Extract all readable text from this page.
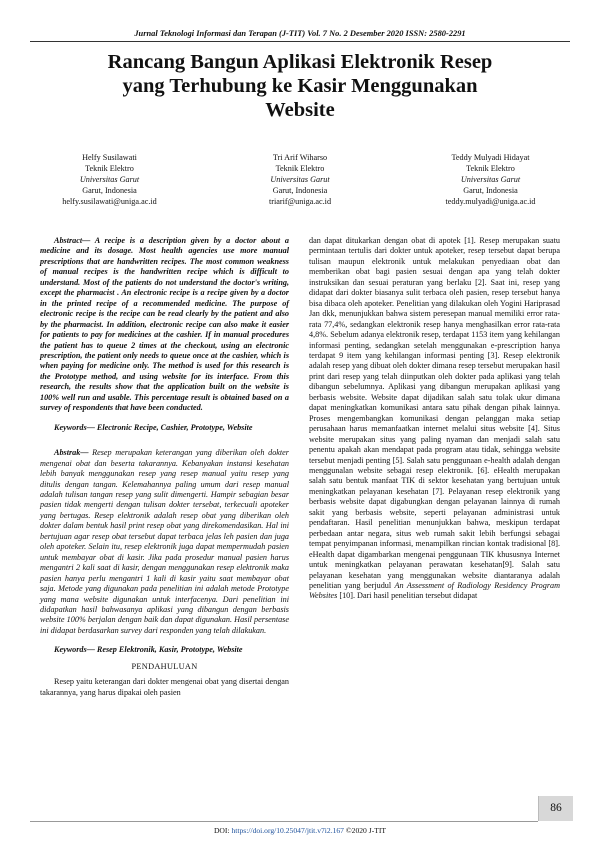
Jurnal Teknologi Informasi dan Terapan (J-TIT) Vol. 7 No. 2 Desember 2020 ISSN: 2580-2291
Rancang Bangun Aplikasi Elektronik Resep
yang Terhubung ke Kasir Menggunakan
Website
Helfy Susilawati
Teknik Elektro
Universitas Garut
Garut, Indonesia
helfy.susilawati@uniga.ac.id
Tri Arif Wiharso
Teknik Elektro
Universitas Garut
Garut, Indonesia
triarif@uniga.ac.id
Teddy Mulyadi Hidayat
Teknik Elektro
Universitas Garut
Garut, Indonesia
teddy.mulyadi@uniga.ac.id

Abstract— A recipe is a description given by a doctor about a medicine and its dosage. Most health agencies use more manual prescriptions that are handwritten recipes. The most common weakness of manual recipes is the handwritten recipe which is difficult to understand. Most of the patients do not understand the doctor's writing, except the pharmacist . An electronic recipe is a recipe given by a doctor in the printed recipe of a recommended medicine. The purpose of electronic recipe is the recipe can be read clearly by the patient and also by the pharmacist. In addition, electronic recipe can also make it easier for patients to pay for medicines at the cashier. If in manual procedures the patient has to queue 2 times at the checkout, using an electronic prescription, the patient only needs to queue once at the cashier, which is when paying for medicine only. The method is used for this research is the Prototype method, and using website for its interface. From this research, the results show that the application built on the website is 100% well run and usable. This percentage result is obtained based on a survey of respondents that have been conducted.

Keywords— Electronic Recipe, Cashier, Prototype, Website

Abstrak— Resep merupakan keterangan yang diberikan oleh dokter mengenai obat dan beserta takarannya. Kebanyakan instansi kesehatan lebih banyak menggunakan resep yang resep manual yaitu resep yang ditulis dengan tangan. Kelemahannya paling umum dari resep manual adalah tulisan tangan resep yang sulit dimengerti. Hampir sebagian besar pasien tidak mengerti dengan tulisan dokter tersebat, terkecuali apoteker yang bertugas. Resep elektronik adalah resep obat yang diberikan oleh dokter dalam bentuk hasil print resep obat yang direkomendasikan. Hal ini bertujuan agar resep obat tersebut dapat terbaca jelas leh pasien dan juga oleh apoteker. Selain itu, resep elektronik juga dapat mempermudah pasien untuk membayar obat di kasir. Jika pada prosedur manual pasien harus mengantri 2 kali saat di kasir, dengan menggunakan resep elektronik maka pasien hanya perlu mengantri 1 kali di kasir yaitu saat membayar obat saja. Metode yang digunakan pada penelitian ini adalah metode Prototype yang mana website digunakan untuk interfacenya. Dari penelitian ini didapatkan hasil bahwasanya aplikasi yang dibangun dengan berbasis website 100% berjalan dengan baik dan dapat digunakan. Hasil persentase ini didapat berdasarkan survey dari responden yang telah dilakukan.

Keywords— Resep Elektronik, Kasir, Prototype, Website

PENDAHULUAN

Resep yaitu keterangan dari dokter mengenai obat yang disertai dengan takarannya, yang harus dipakai oleh pasien

dan dapat ditukarkan dengan obat di apotek [1]. Resep merupakan suatu permintaan tertulis dari dokter untuk apoteker, resep tersebut dapat berupa tulisan maupun elektronik untuk melakukan penyediaan obat dan memberikan obat bagi pasien sesuai dengan apa yang telah dokter instruksikan dan sesuai peraturan yang berlaku [2]. Saat ini, resep yang didapat dari dokter biasanya sulit terbaca oleh pasien, resep tersebut hanya bisa dibaca oleh apoteker. Penelitian yang dilakukan oleh Yogini Hariprasad Jan dkk, menunjukkan bahwa sistem peresepan manual memiliki error rata-rata 77,4%, sedangkan elektronik resep hanya menghasilkan error rata-rata 4,8%. Sebelum adanya elektronik resep, terdapat 1153 item yang kehilangan informasi penting, sedangkan setelah menggunakan e-prescription hanya terdapat 9 item yang kehilangan informasi penting [3]. Resep elektronik adalah resep yang dibuat oleh dokter dimana resep tersebut merupakan hasil print dari resep yang telah diinputkan oleh dokter pada aplikasi yang telah dibangun sebelumnya. Aplikasi yang dibangun merupakan aplikasi yang berbasis website. Website dapat dijadikan salah satu tolak ukur dimana dapat meningkatkan komunikasi antara satu pihak dengan pihak lainnya. Proses mengembangkan komunikasi dengan pelanggan maka setiap perusahaan harus memanfaatkan internet melalui situs website [4]. Situs website merupakan situs yang paling nyaman dan menjadi salah satu penentu apakah akan mendapat pada program atau tidak, sehingga website tersebut menjadi penting [5]. Salah satu penggunaan e-health adalah dengan menggunalan website sebagai resep elektronik. [6]. eHealth merupakan salah satu bentuk manfaat TIK di sektor kesehatan yang bertujuan untuk meningkatkan pelayanan kesehatan [7]. Pelayanan resep elektronik yang berbasis website dapat digabungkan dengan pelayanan lainnya di rumah sakit yang berbasis website, seperti pelayanan administrasi untuk pendaftaran. Hasil penelitian menunjukkan bahwa, meskipun terdapat perbedaan antar negara, situs web rumah sakit lebih berfungsi sebagai tempat penyimpanan informasi, menampilkan rincian kontak tradisional [8]. eHealth dapat digambarkan mengenai penggunaan TIK khususnya Internet untuk meningkatkan pelayanan perawatan kesehatan[9]. Salah satu pelayanan kesehatan yang menggunakan website diantaranya adalah penelitian yang berjudul An Assessment of Radiology Residency Program Websites [10]. Dari hasil penelitian tersebut didapat

86
DOI: https://doi.org/10.25047/jtit.v7i2.167 ©2020 J-TIT
